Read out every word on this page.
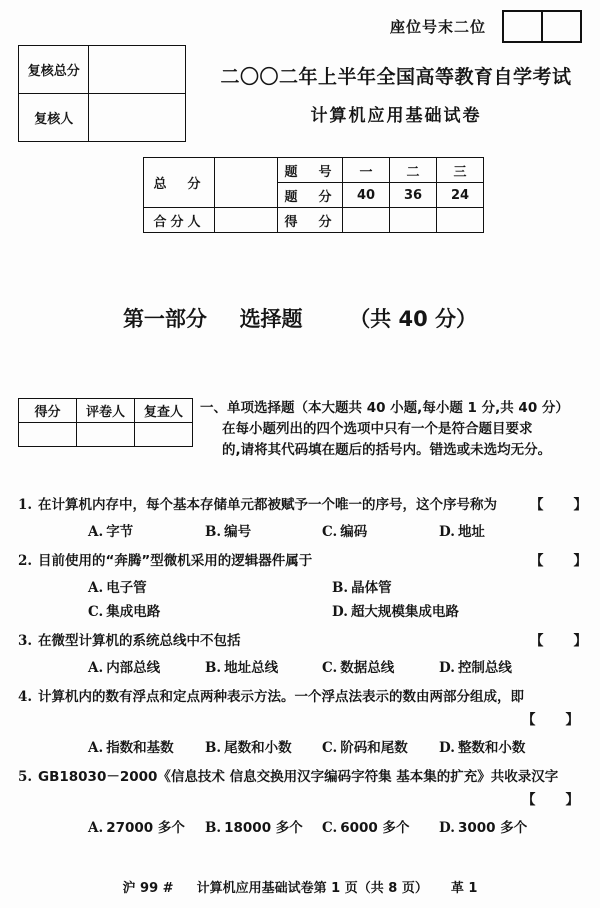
座位号末二位
复核总分	
复核人	
二〇〇二年上半年全国高等教育自学考试
计算机应用基础试卷
总　分		题　号	一	二	三
		题　分	40	36	24
合分人		得　分			
第一部分 选择题 （共 40 分）
得分	评卷人	复查人
		一、单项选择题（本大题共 40 小题,每小题 1 分,共 40 分）
在每小题列出的四个选项中只有一个是符合题目要求
的,请将其代码填在题后的括号内。错选或未选均无分。
1. 在计算机内存中，每个基本存储单元都被赋予一个唯一的序号，这个序号称为 【　　】
A. 字节	B. 编号	C. 编码	D. 地址
2. 目前使用的“奔腾”型微机采用的逻辑器件属于	【　　】
A. 电子管	B. 晶体管
C. 集成电路	D. 超大规模集成电路
3. 在微型计算机的系统总线中不包括	【　　】
A. 内部总线	B. 地址总线	C. 数据总线	D. 控制总线
4. 计算机内的数有浮点和定点两种表示方法。一个浮点法表示的数由两部分组成，即
【　　】
A. 指数和基数	B. 尾数和小数	C. 阶码和尾数	D. 整数和小数
5. GB18030－2000《信息技术 信息交换用汉字编码字符集 基本集的扩充》共收录汉字
【　　】
A. 27000 多个	B. 18000 多个	C. 6000 多个	D. 3000 多个
沪 99 # 计算机应用基础试卷第 1 页（共 8 页） 革 1
